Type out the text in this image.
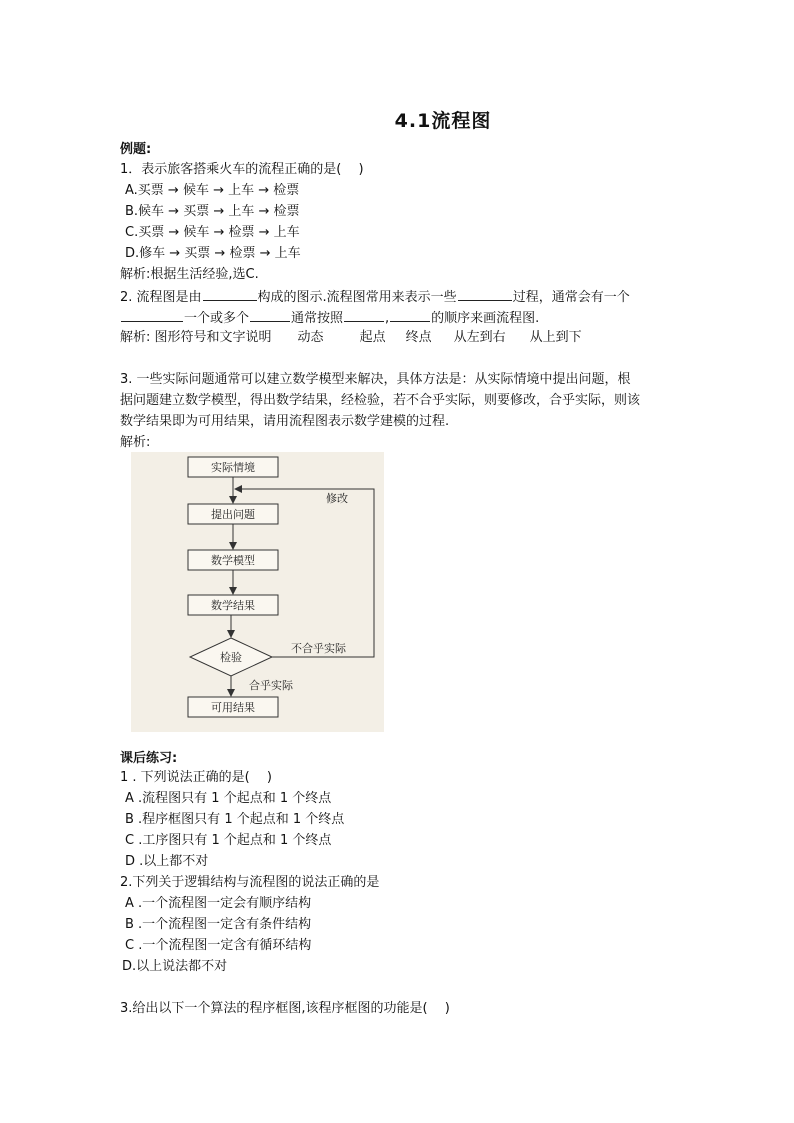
4.1流程图
例题:
1．表示旅客搭乘火车的流程正确的是(　 )
A.买票 → 候车 → 上车 → 检票
B.候车 → 买票 → 上车 → 检票
C.买票 → 候车 → 检票 → 上车
D.修车 → 买票 → 检票 → 上车
解析:根据生活经验,选C.
2. 流程图是由	构成的图示.流程图常用来表示一些	过程，通常会有一个
一个或多个	通常按照	,	的顺序来画流程图.
解析: 图形符号和文字说明 动态	起点 终点 从左到右 从上到下
3. 一些实际问题通常可以建立数学模型来解决，具体方法是：从实际情境中提出问题，根
据问题建立数学模型，得出数学结果，经检验，若不合乎实际，则要修改，合乎实际，则该
数学结果即为可用结果，请用流程图表示数学建模的过程.
解析:
实际情境
提出问题
数学模型
数学结果
检验
可用结果
修改
不合乎实际
合乎实际
课后练习:
1 . 下列说法正确的是(　 )
A .流程图只有 1 个起点和 1 个终点
B .程序框图只有 1 个起点和 1 个终点
C .工序图只有 1 个起点和 1 个终点
D .以上都不对
2.下列关于逻辑结构与流程图的说法正确的是
A .一个流程图一定会有顺序结构
B .一个流程图一定含有条件结构
C .一个流程图一定含有循环结构
D.以上说法都不对
3.给出以下一个算法的程序框图,该程序框图的功能是(　 )
